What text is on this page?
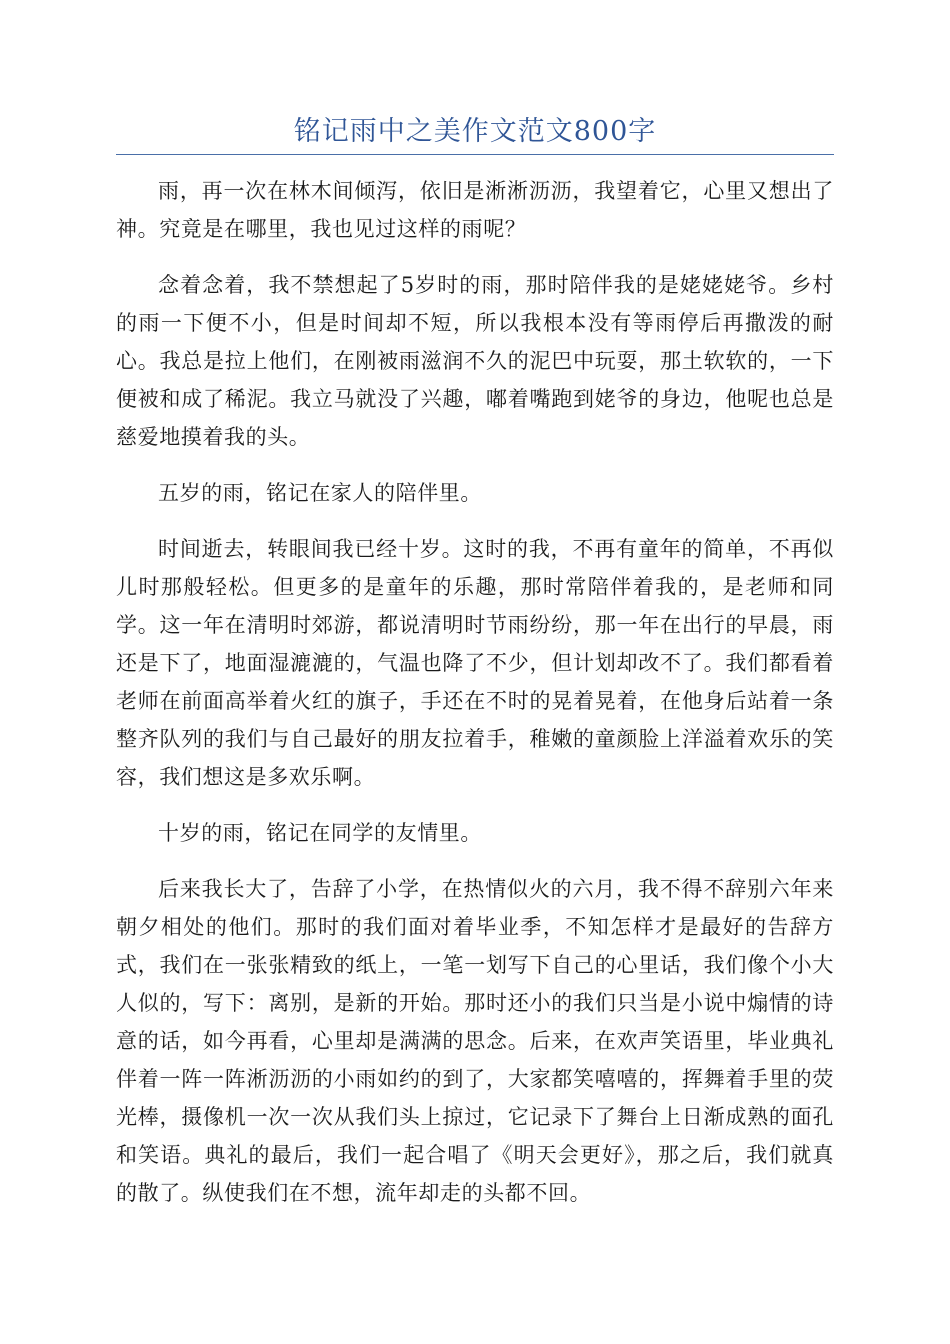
铭记雨中之美作文范文800字

雨，再一次在林木间倾泻，依旧是淅淅沥沥，我望着它，心里又想出了神。究竟是在哪里，我也见过这样的雨呢？

念着念着，我不禁想起了5岁时的雨，那时陪伴我的是姥姥姥爷。乡村的雨一下便不小，但是时间却不短，所以我根本没有等雨停后再撒泼的耐心。我总是拉上他们，在刚被雨滋润不久的泥巴中玩耍，那土软软的，一下便被和成了稀泥。我立马就没了兴趣，嘟着嘴跑到姥爷的身边，他呢也总是慈爱地摸着我的头。

五岁的雨，铭记在家人的陪伴里。

时间逝去，转眼间我已经十岁。这时的我，不再有童年的简单，不再似儿时那般轻松。但更多的是童年的乐趣，那时常陪伴着我的，是老师和同学。这一年在清明时郊游，都说清明时节雨纷纷，那一年在出行的早晨，雨还是下了，地面湿漉漉的，气温也降了不少，但计划却改不了。我们都看着老师在前面高举着火红的旗子，手还在不时的晃着晃着，在他身后站着一条整齐队列的我们与自己最好的朋友拉着手，稚嫩的童颜脸上洋溢着欢乐的笑容，我们想这是多欢乐啊。

十岁的雨，铭记在同学的友情里。

后来我长大了，告辞了小学，在热情似火的六月，我不得不辞别六年来朝夕相处的他们。那时的我们面对着毕业季，不知怎样才是最好的告辞方式，我们在一张张精致的纸上，一笔一划写下自己的心里话，我们像个小大人似的，写下：离别，是新的开始。那时还小的我们只当是小说中煽情的诗意的话，如今再看，心里却是满满的思念。后来，在欢声笑语里，毕业典礼伴着一阵一阵淅沥沥的小雨如约的到了，大家都笑嘻嘻的，挥舞着手里的荧光棒，摄像机一次一次从我们头上掠过，它记录下了舞台上日渐成熟的面孔和笑语。典礼的最后，我们一起合唱了《明天会更好》，那之后，我们就真的散了。纵使我们在不想，流年却走的头都不回。
